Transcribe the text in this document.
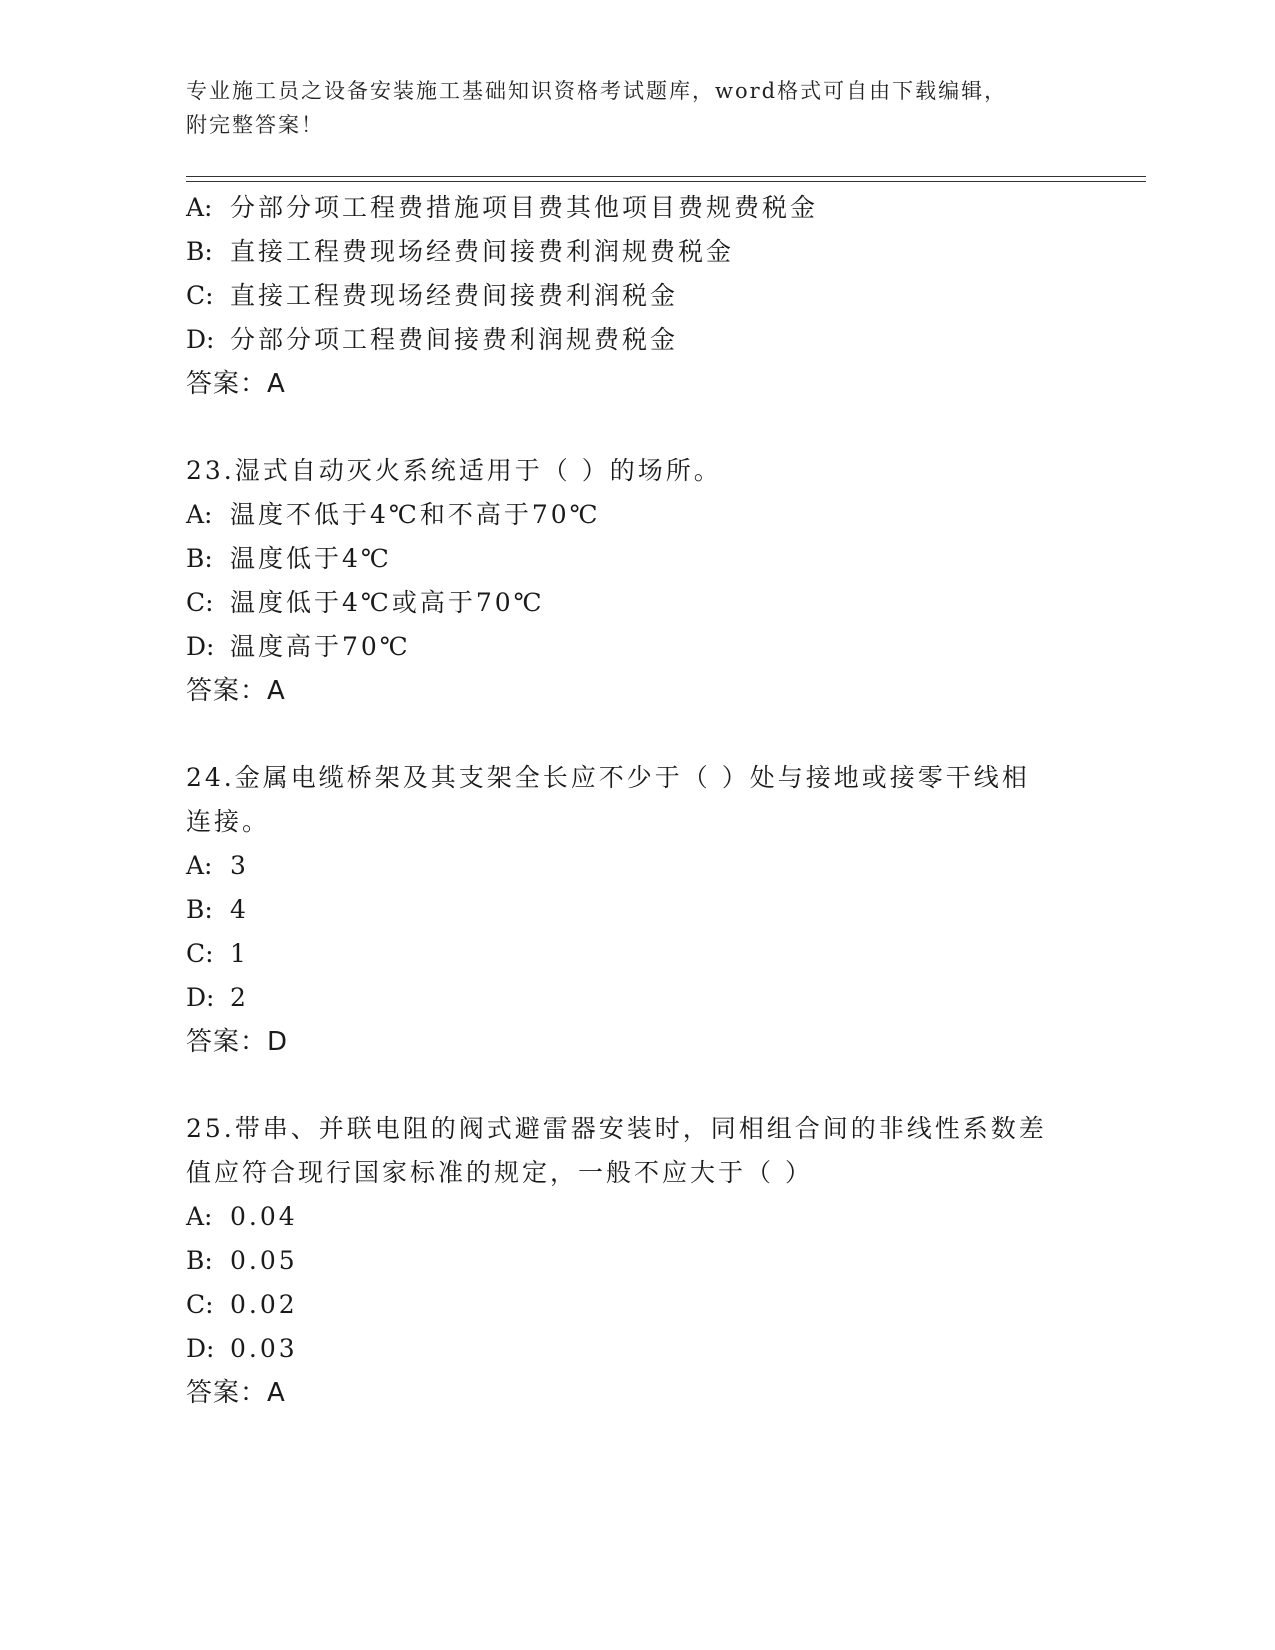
专业施工员之设备安装施工基础知识资格考试题库，word格式可自由下载编辑，
附完整答案！
A: 分部分项工程费措施项目费其他项目费规费税金
B: 直接工程费现场经费间接费利润规费税金
C: 直接工程费现场经费间接费利润税金
D: 分部分项工程费间接费利润规费税金
答案：A
23.湿式自动灭火系统适用于（ ）的场所。
A: 温度不低于4℃和不高于70℃
B: 温度低于4℃
C: 温度低于4℃或高于70℃
D: 温度高于70℃
答案：A
24.金属电缆桥架及其支架全长应不少于（ ）处与接地或接零干线相
连接。
A: 3
B: 4
C: 1
D: 2
答案：D
25.带串、并联电阻的阀式避雷器安装时，同相组合间的非线性系数差
值应符合现行国家标准的规定，一般不应大于（ ）
A: 0.04
B: 0.05
C: 0.02
D: 0.03
答案：A
